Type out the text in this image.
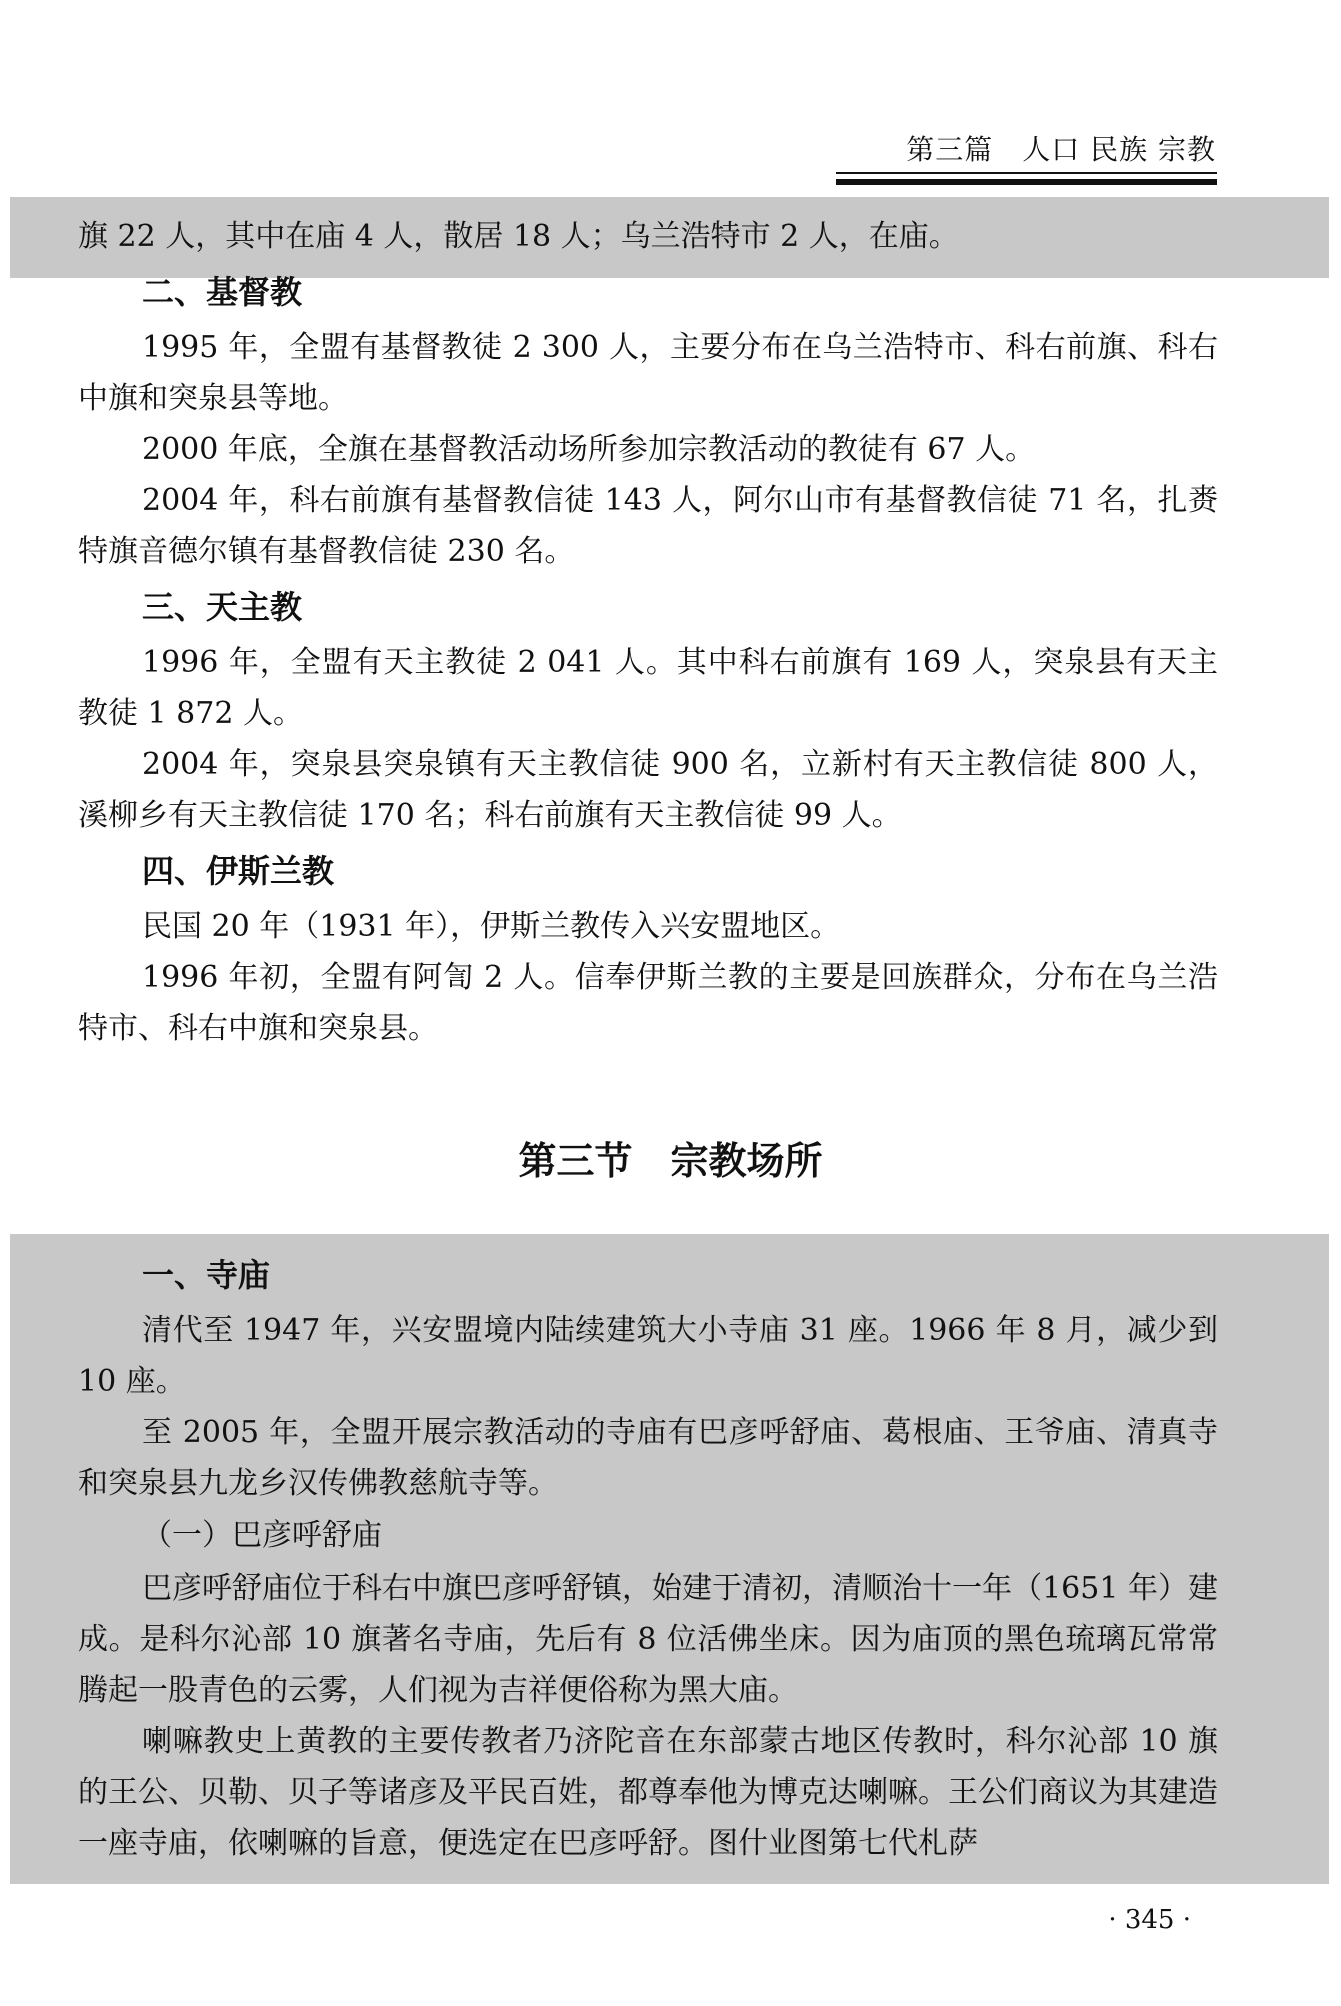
第三篇　人口 民族 宗教

旗 22 人，其中在庙 4 人，散居 18 人；乌兰浩特市 2 人，在庙。

二、基督教

1995 年，全盟有基督教徒 2 300 人，主要分布在乌兰浩特市、科右前旗、科右中旗和突泉县等地。

2000 年底，全旗在基督教活动场所参加宗教活动的教徒有 67 人。

2004 年，科右前旗有基督教信徒 143 人，阿尔山市有基督教信徒 71 名，扎赉特旗音德尔镇有基督教信徒 230 名。

三、天主教

1996 年，全盟有天主教徒 2 041 人。其中科右前旗有 169 人，突泉县有天主教徒 1 872 人。

2004 年，突泉县突泉镇有天主教信徒 900 名，立新村有天主教信徒 800 人，溪柳乡有天主教信徒 170 名；科右前旗有天主教信徒 99 人。

四、伊斯兰教

民国 20 年（1931 年），伊斯兰教传入兴安盟地区。

1996 年初，全盟有阿訇 2 人。信奉伊斯兰教的主要是回族群众，分布在乌兰浩特市、科右中旗和突泉县。

第三节　宗教场所

一、寺庙

清代至 1947 年，兴安盟境内陆续建筑大小寺庙 31 座。1966 年 8 月，减少到 10 座。

至 2005 年，全盟开展宗教活动的寺庙有巴彦呼舒庙、葛根庙、王爷庙、清真寺和突泉县九龙乡汉传佛教慈航寺等。

（一）巴彦呼舒庙

巴彦呼舒庙位于科右中旗巴彦呼舒镇，始建于清初，清顺治十一年（1651 年）建成。是科尔沁部 10 旗著名寺庙，先后有 8 位活佛坐床。因为庙顶的黑色琉璃瓦常常腾起一股青色的云雾，人们视为吉祥便俗称为黑大庙。

喇嘛教史上黄教的主要传教者乃济陀音在东部蒙古地区传教时，科尔沁部 10 旗的王公、贝勒、贝子等诸彦及平民百姓，都尊奉他为博克达喇嘛。王公们商议为其建造一座寺庙，依喇嘛的旨意，便选定在巴彦呼舒。图什业图第七代札萨

· 345 ·
